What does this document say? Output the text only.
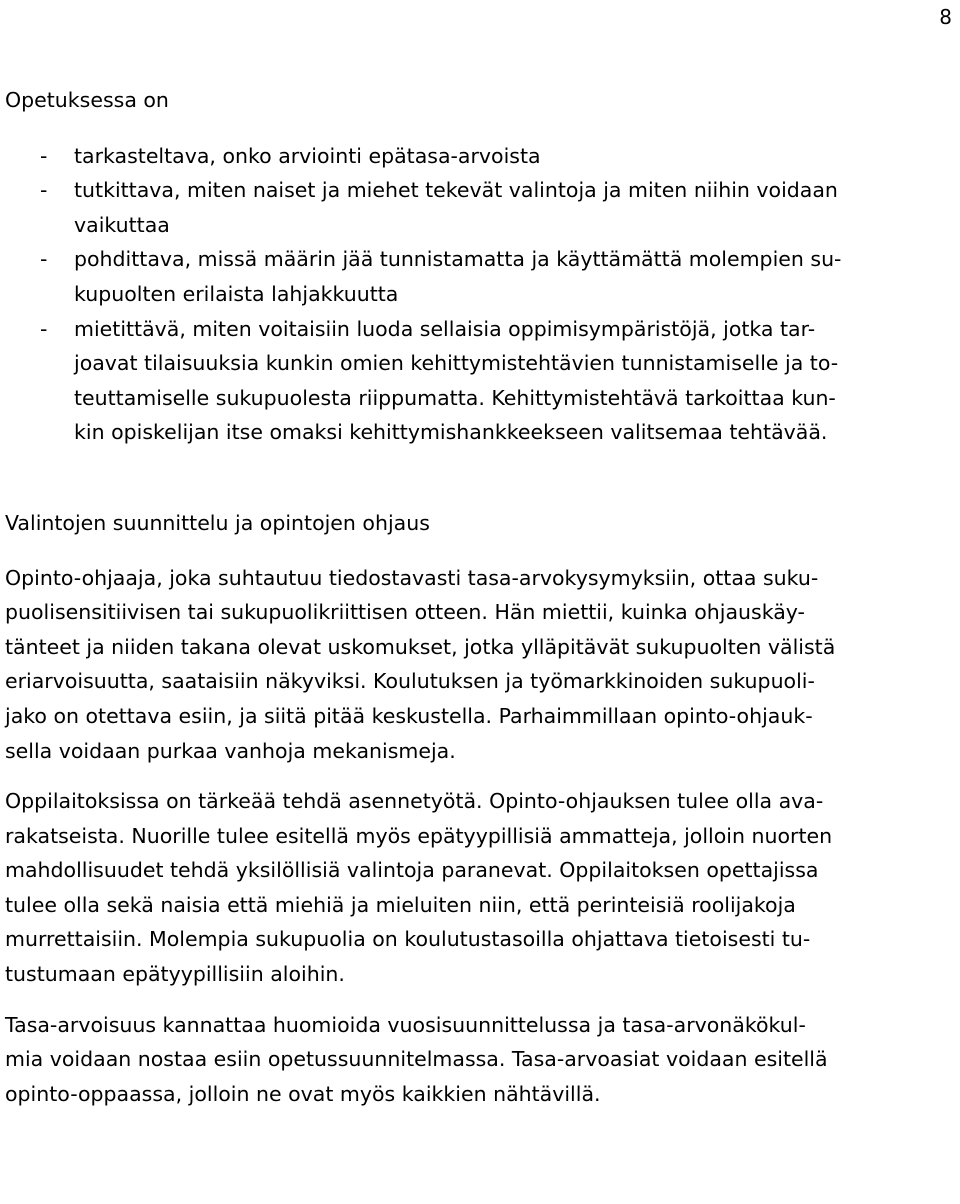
8
Opetuksessa on
- tarkasteltava, onko arviointi epätasa-arvoista
- tutkittava, miten naiset ja miehet tekevät valintoja ja miten niihin voidaan
vaikuttaa
- pohdittava, missä määrin jää tunnistamatta ja käyttämättä molempien su-
kupuolten erilaista lahjakkuutta
- mietittävä, miten voitaisiin luoda sellaisia oppimisympäristöjä, jotka tar-
joavat tilaisuuksia kunkin omien kehittymistehtävien tunnistamiselle ja to-
teuttamiselle sukupuolesta riippumatta. Kehittymistehtävä tarkoittaa kun-
kin opiskelijan itse omaksi kehittymishankkeekseen valitsemaa tehtävää.
Valintojen suunnittelu ja opintojen ohjaus
Opinto-ohjaaja, joka suhtautuu tiedostavasti tasa-arvokysymyksiin, ottaa suku-
puolisensitiivisen tai sukupuolikriittisen otteen. Hän miettii, kuinka ohjauskäy-
tänteet ja niiden takana olevat uskomukset, jotka ylläpitävät sukupuolten välistä
eriarvoisuutta, saataisiin näkyviksi. Koulutuksen ja työmarkkinoiden sukupuoli-
jako on otettava esiin, ja siitä pitää keskustella. Parhaimmillaan opinto-ohjauk-
sella voidaan purkaa vanhoja mekanismeja.
Oppilaitoksissa on tärkeää tehdä asennetyötä. Opinto-ohjauksen tulee olla ava-
rakatseista. Nuorille tulee esitellä myös epätyypillisiä ammatteja, jolloin nuorten
mahdollisuudet tehdä yksilöllisiä valintoja paranevat. Oppilaitoksen opettajissa
tulee olla sekä naisia että miehiä ja mieluiten niin, että perinteisiä roolijakoja
murrettaisiin. Molempia sukupuolia on koulutustasoilla ohjattava tietoisesti tu-
tustumaan epätyypillisiin aloihin.
Tasa-arvoisuus kannattaa huomioida vuosisuunnittelussa ja tasa-arvonäkökul-
mia voidaan nostaa esiin opetussuunnitelmassa. Tasa-arvoasiat voidaan esitellä
opinto-oppaassa, jolloin ne ovat myös kaikkien nähtävillä.
